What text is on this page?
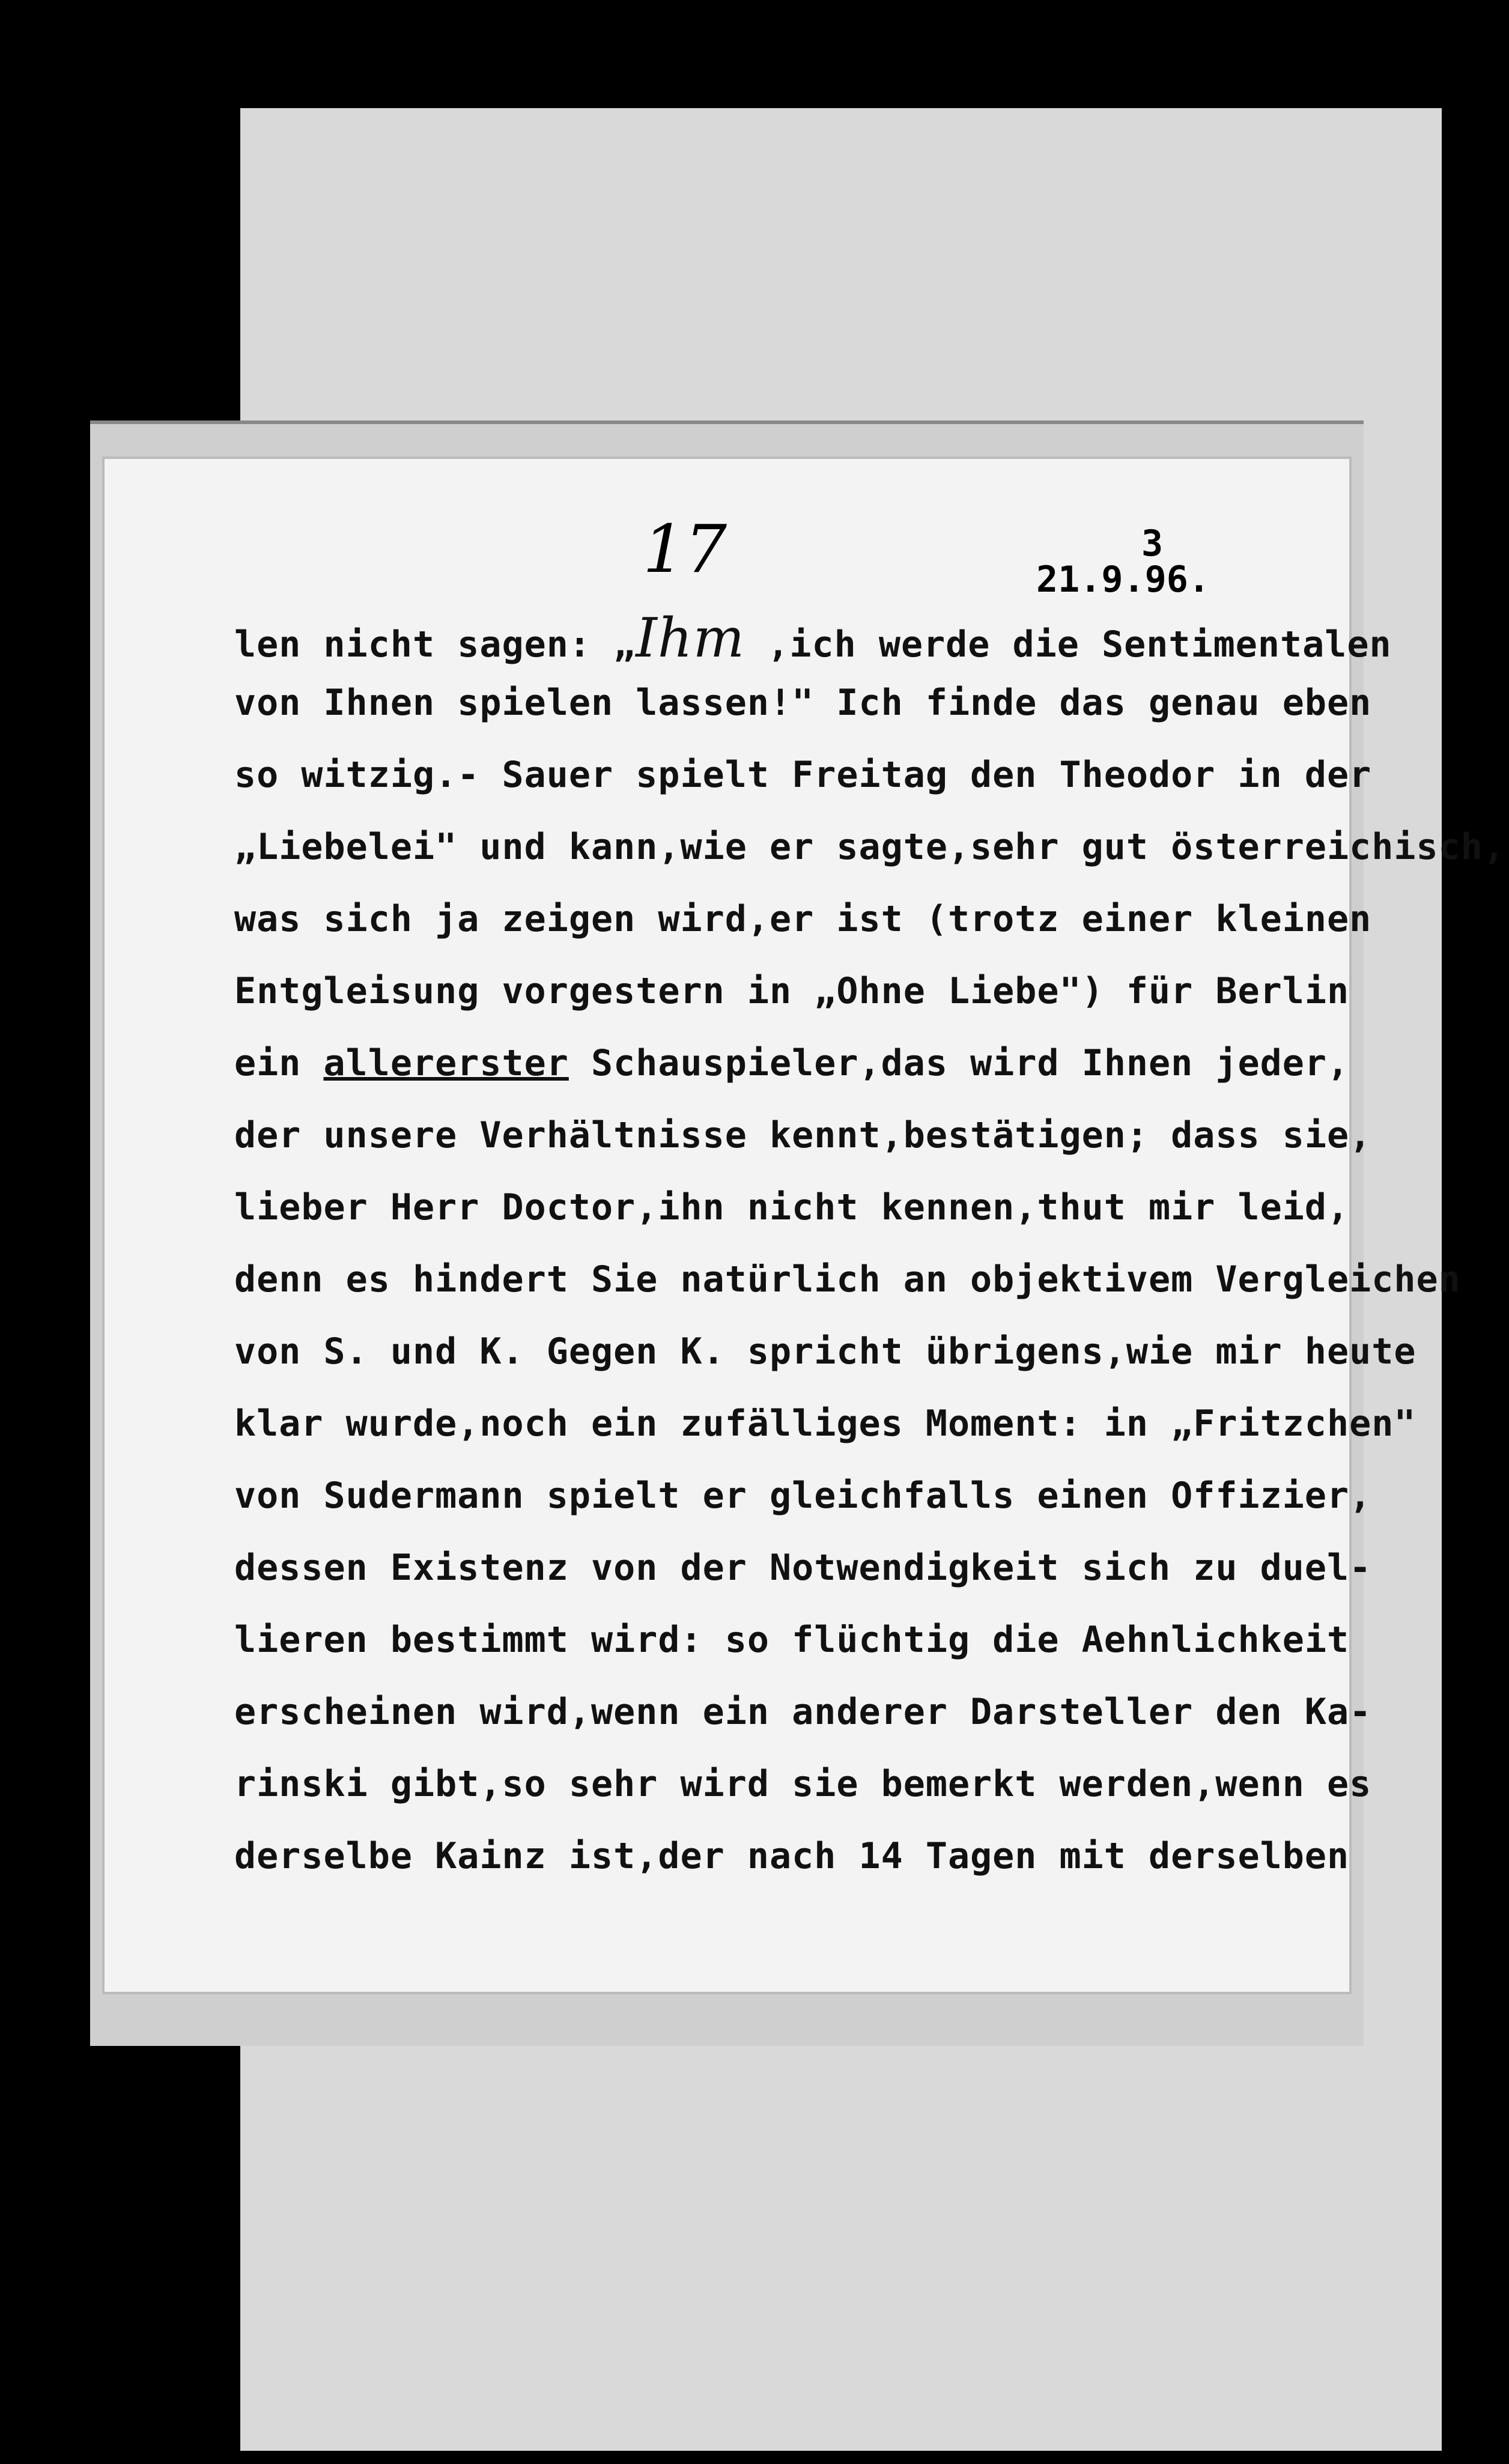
17	3
21.9.96.
len nicht sagen: „Ihm ,ich werde die Sentimentalen
von Ihnen spielen lassen!" Ich finde das genau eben
so witzig.- Sauer spielt Freitag den Theodor in der
„Liebelei" und kann,wie er sagte,sehr gut österreichisch,
was sich ja zeigen wird,er ist (trotz einer kleinen
Entgleisung vorgestern in „Ohne Liebe") für Berlin
ein allererster Schauspieler,das wird Ihnen jeder,
der unsere Verhältnisse kennt,bestätigen; dass sie,
lieber Herr Doctor,ihn nicht kennen,thut mir leid,
denn es hindert Sie natürlich an objektivem Vergleichen
von S. und K. Gegen K. spricht übrigens,wie mir heute
klar wurde,noch ein zufälliges Moment: in „Fritzchen"
von Sudermann spielt er gleichfalls einen Offizier,
dessen Existenz von der Notwendigkeit sich zu duel-
lieren bestimmt wird: so flüchtig die Aehnlichkeit
erscheinen wird,wenn ein anderer Darsteller den Ka-
rinski gibt,so sehr wird sie bemerkt werden,wenn es
derselbe Kainz ist,der nach 14 Tagen mit derselben
